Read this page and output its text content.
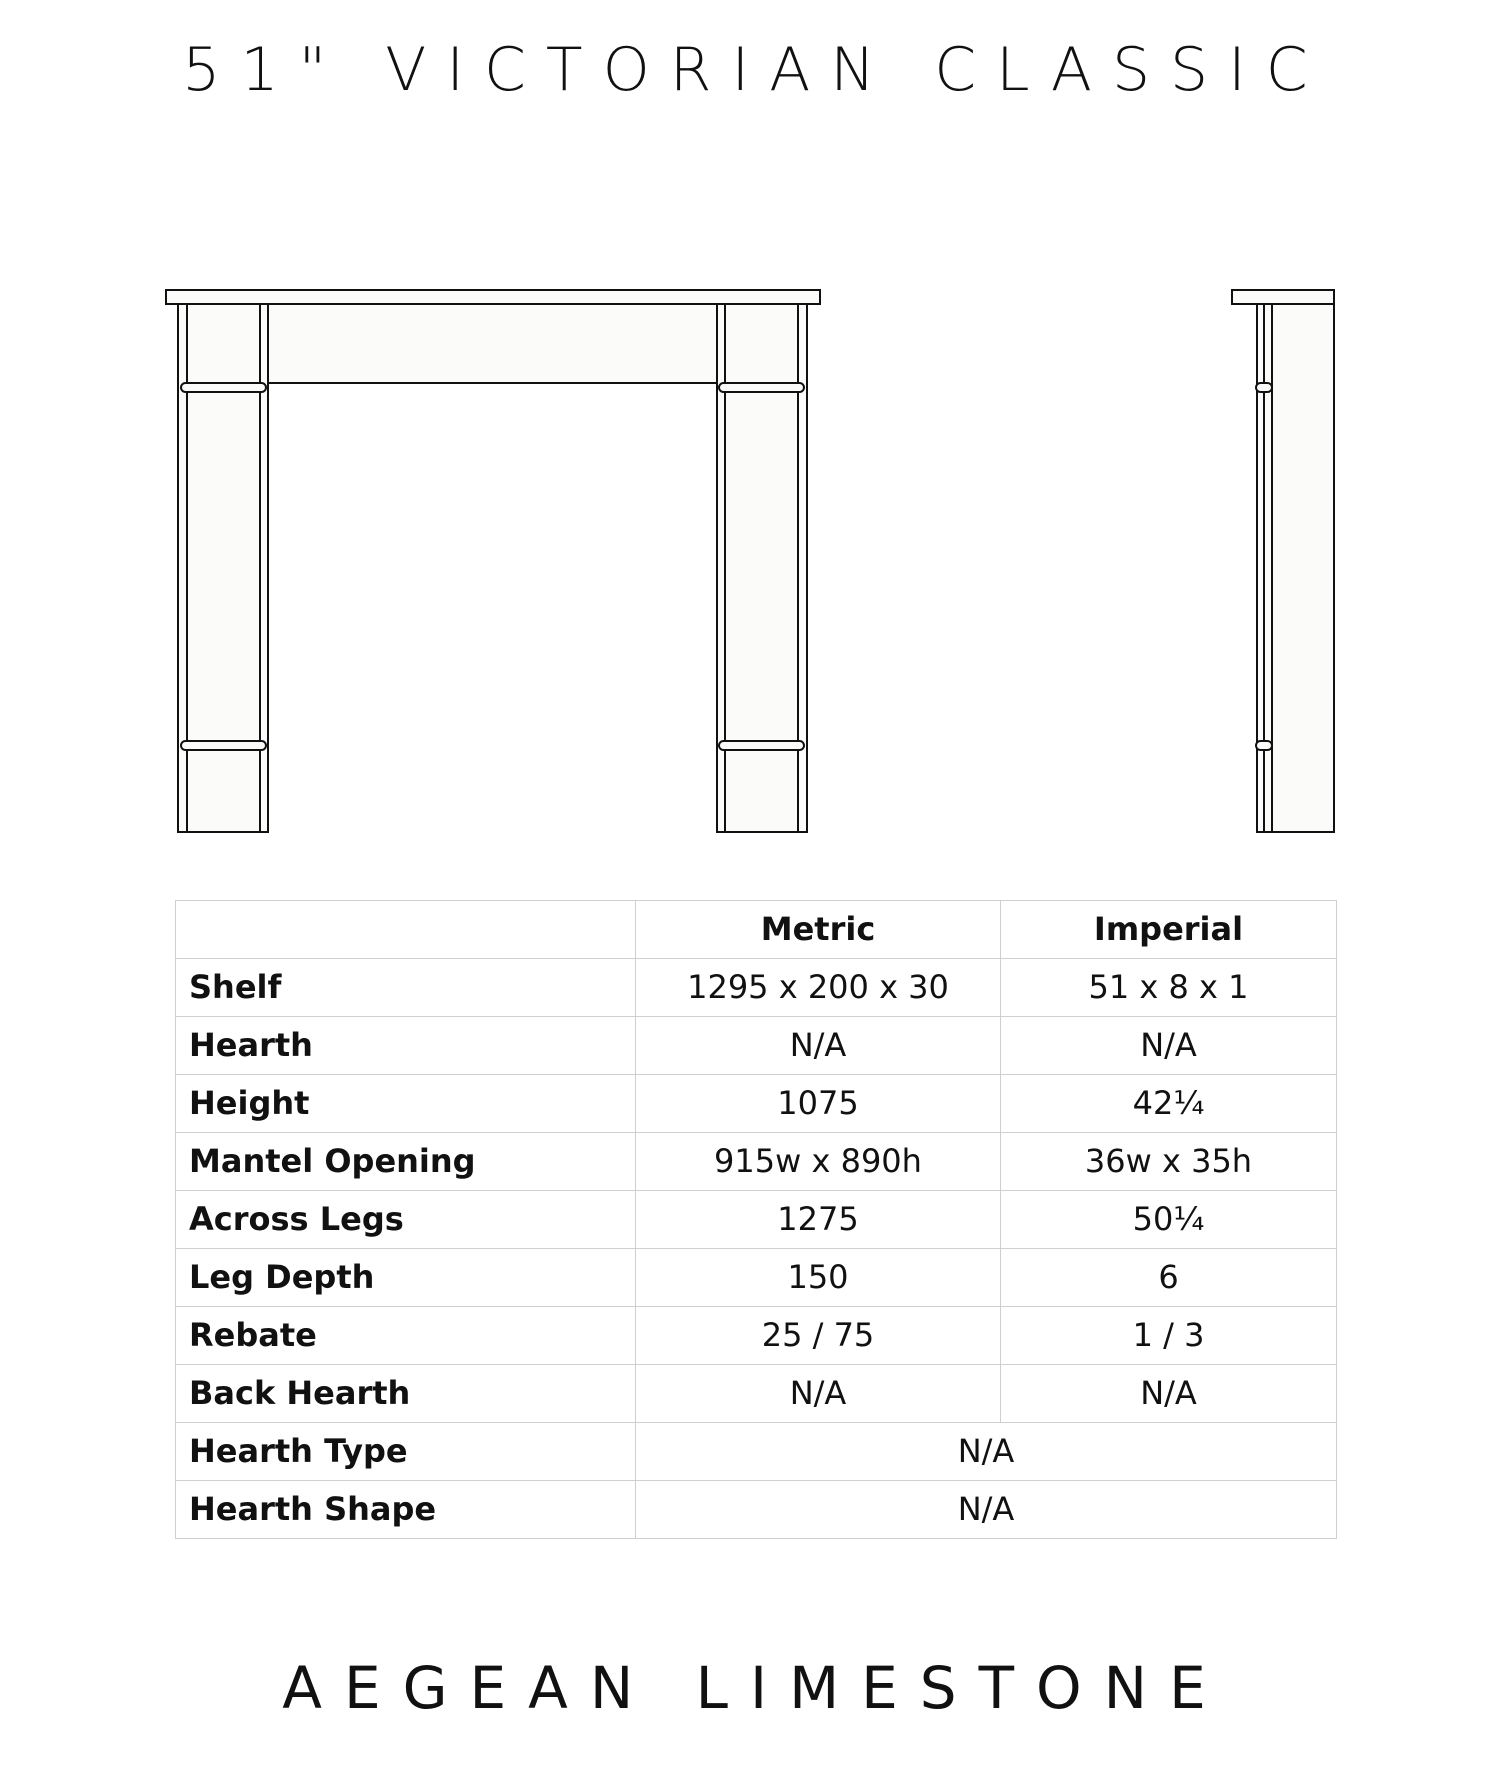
51" VICTORIAN CLASSIC
	Metric	Imperial
Shelf	1295 x 200 x 30	51 x 8 x 1
Hearth	N/A	N/A
Height	1075	42¼
Mantel Opening	915w x 890h	36w x 35h
Across Legs	1275	50¼
Leg Depth	150	6
Rebate	25 / 75	1 / 3
Back Hearth	N/A	N/A
Hearth Type	N/A	
Hearth Shape	N/A	
AEGEAN LIMESTONE
